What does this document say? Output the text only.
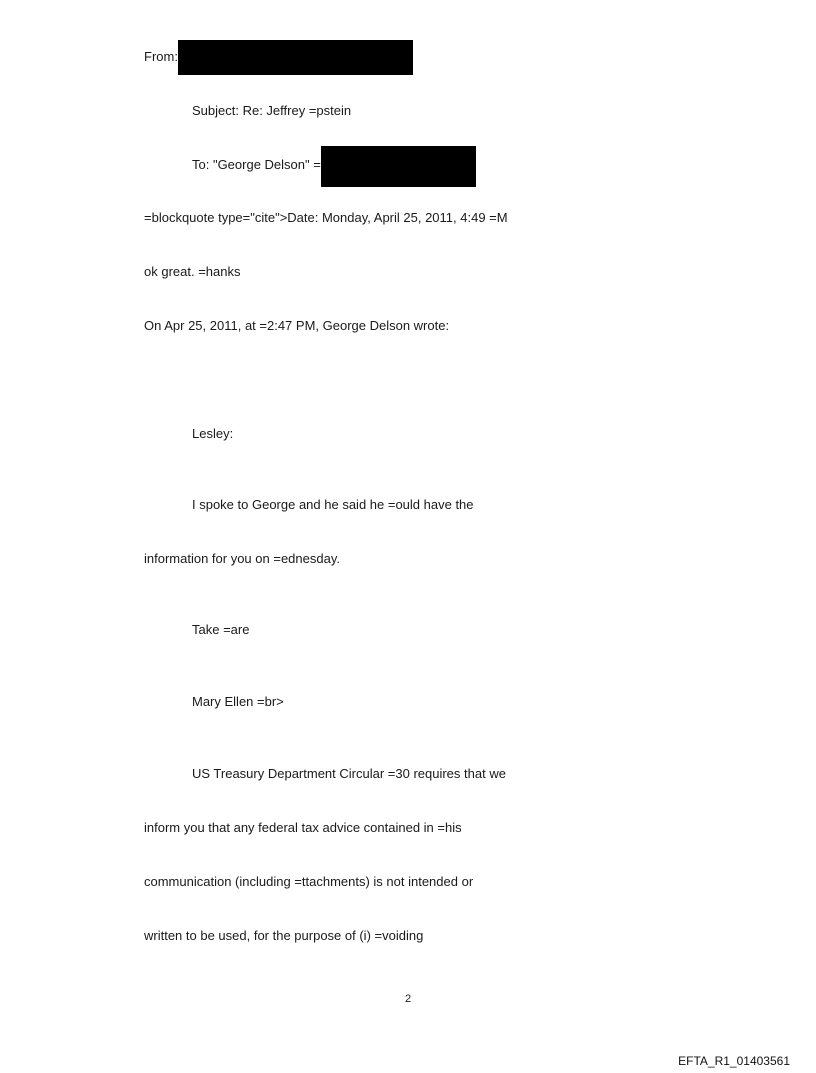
From:
Subject: Re: Jeffrey =pstein
To: "George Delson" =
=blockquote type="cite">Date: Monday, April 25, 2011, 4:49 =M
ok great. =hanks
On Apr 25, 2011, at =2:47 PM, George Delson wrote:
Lesley:
I spoke to George and he said he =ould have the
information for you on =ednesday.
Take =are
Mary Ellen =br>
US Treasury Department Circular =30 requires that we
inform you that any federal tax advice contained in =his
communication (including =ttachments) is not intended or
written to be used, for the purpose of (i) =voiding
2
EFTA_R1_01403561
